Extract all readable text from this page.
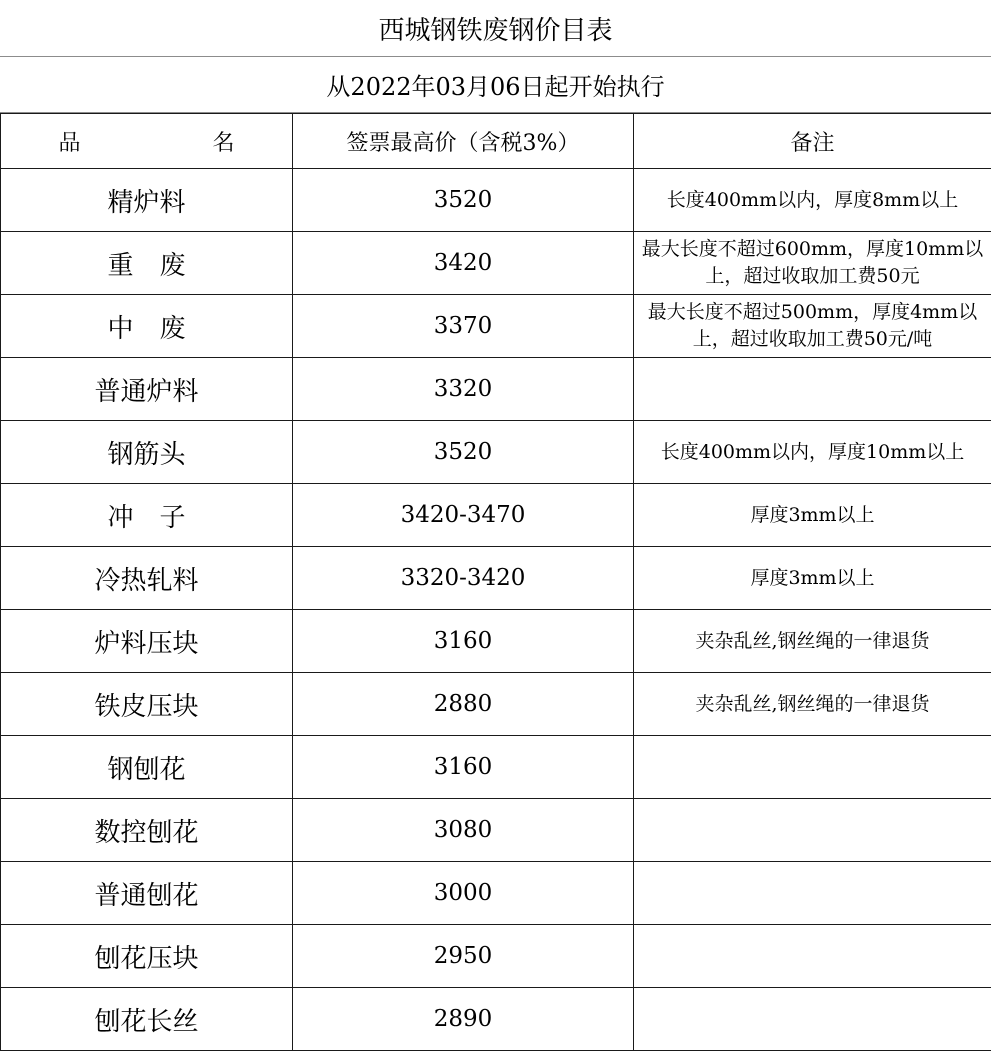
西城钢铁废钢价目表
从2022年03月06日起开始执行
品　　　　　　名	签票最高价（含税3%）	备注
精炉料	3520	长度400mm以内，厚度8mm以上
重　废	3420	最大长度不超过600mm，厚度10mm以上，超过收取加工费50元
中　废	3370	最大长度不超过500mm，厚度4mm以上，超过收取加工费50元/吨
普通炉料	3320	
钢筋头	3520	长度400mm以内，厚度10mm以上
冲　子	3420-3470	厚度3mm以上
冷热轧料	3320-3420	厚度3mm以上
炉料压块	3160	夹杂乱丝,钢丝绳的一律退货
铁皮压块	2880	夹杂乱丝,钢丝绳的一律退货
钢刨花	3160	
数控刨花	3080	
普通刨花	3000	
刨花压块	2950	
刨花长丝	2890	
